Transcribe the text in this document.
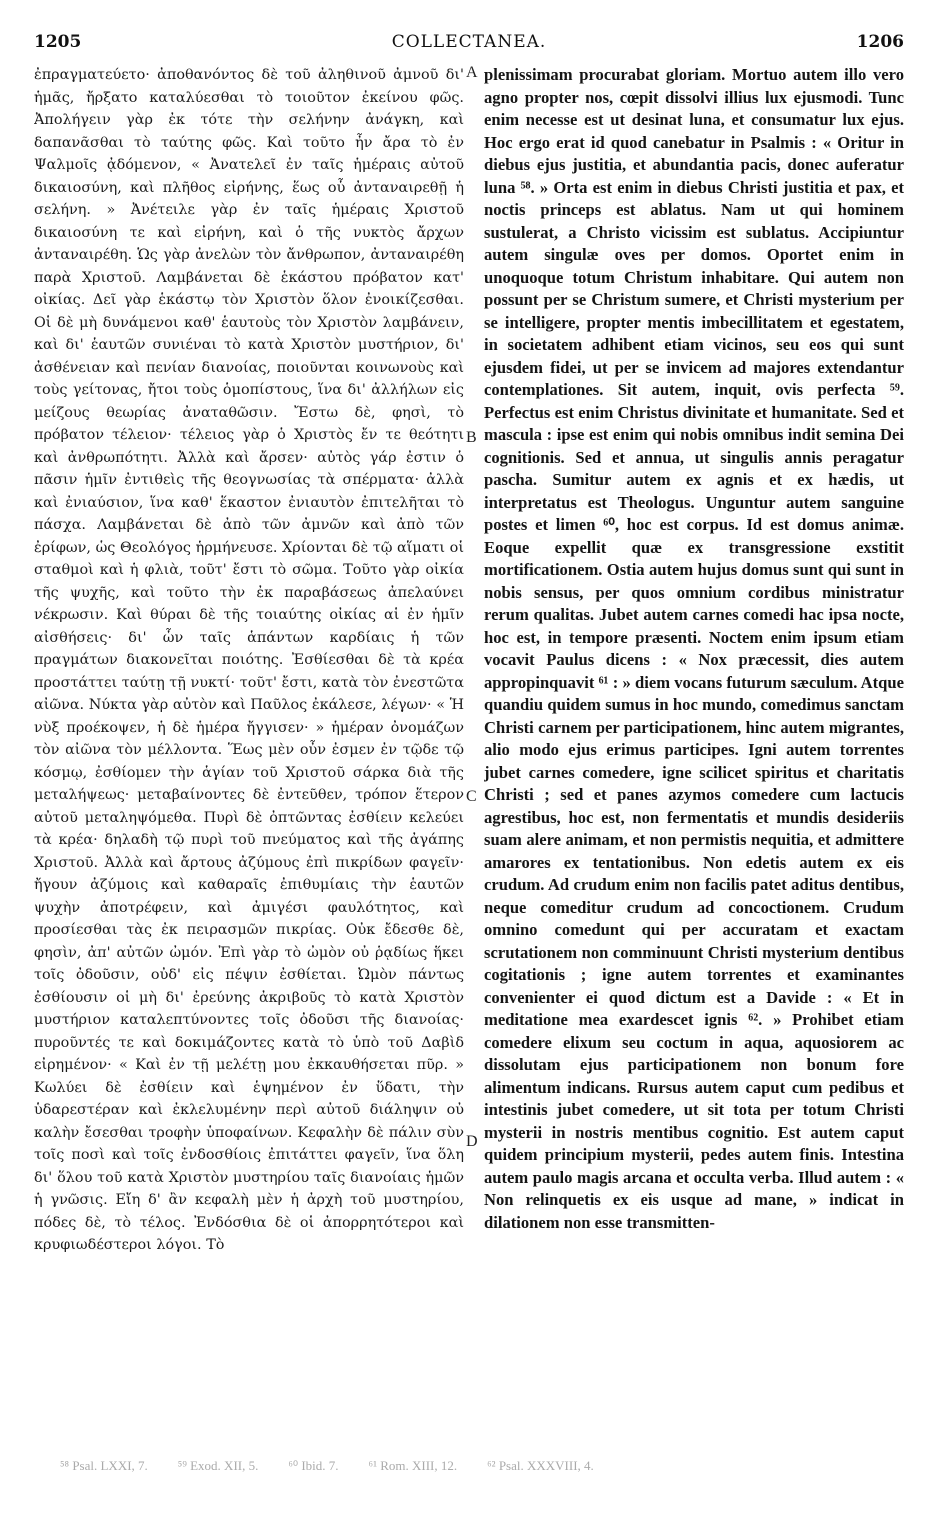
1205	COLLECTANEA.	1206

ἐπραγματεύετο· ἀποθανόντος δὲ τοῦ ἀληθινοῦ ἀμνοῦ δι' ἡμᾶς, ἤρξατο καταλύεσθαι τὸ τοιοῦτον ἐκείνου φῶς. Ἀπολήγειν γὰρ ἐκ τότε τὴν σελήνην ἀνάγκη, καὶ δαπανᾶσθαι τὸ ταύτης φῶς. Καὶ τοῦτο ἦν ἄρα τὸ ἐν Ψαλμοῖς ᾀδόμενον, « Ἀνατελεῖ ἐν ταῖς ἡμέραις αὐτοῦ δικαιοσύνη, καὶ πλῆθος εἰρήνης, ἕως οὗ ἀνταναιρεθῇ ἡ σελήνη. » Ἀνέτειλε γὰρ ἐν ταῖς ἡμέραις Χριστοῦ δικαιοσύνη τε καὶ εἰρήνη, καὶ ὁ τῆς νυκτὸς ἄρχων ἀνταναιρέθη. Ὡς γὰρ ἀνελὼν τὸν ἄνθρωπον, ἀνταναιρέθη παρὰ Χριστοῦ. Λαμβάνεται δὲ ἑκάστου πρόβατον κατ' οἰκίας. Δεῖ γὰρ ἑκάστῳ τὸν Χριστὸν ὅλον ἐνοικίζεσθαι. Οἱ δὲ μὴ δυνάμενοι καθ' ἑαυτοὺς τὸν Χριστὸν λαμβάνειν, καὶ δι' ἑαυτῶν συνιέναι τὸ κατὰ Χριστὸν μυστήριον, δι' ἀσθένειαν καὶ πενίαν διανοίας, ποιοῦνται κοινωνοὺς καὶ τοὺς γείτονας, ἤτοι τοὺς ὁμοπίστους, ἵνα δι' ἀλλήλων εἰς μείζους θεωρίας ἀναταθῶσιν. Ἔστω δὲ, φησὶ, τὸ πρόβατον τέλειον· τέλειος γὰρ ὁ Χριστὸς ἔν τε θεότητι καὶ ἀνθρωπότητι. Ἀλλὰ καὶ ἄρσεν· αὐτὸς γάρ ἐστιν ὁ πᾶσιν ἡμῖν ἐντιθεὶς τῆς θεογνωσίας τὰ σπέρματα· ἀλλὰ καὶ ἐνιαύσιον, ἵνα καθ' ἕκαστον ἐνιαυτὸν ἐπιτελῆται τὸ πάσχα. Λαμβάνεται δὲ ἀπὸ τῶν ἀμνῶν καὶ ἀπὸ τῶν ἐρίφων, ὡς Θεολόγος ἡρμήνευσε. Χρίονται δὲ τῷ αἵματι οἱ σταθμοὶ καὶ ἡ φλιὰ, τοῦτ' ἔστι τὸ σῶμα. Τοῦτο γὰρ οἰκία τῆς ψυχῆς, καὶ τοῦτο τὴν ἐκ παραβάσεως ἀπελαύνει νέκρωσιν. Καὶ θύραι δὲ τῆς τοιαύτης οἰκίας αἱ ἐν ἡμῖν αἰσθήσεις· δι' ὧν ταῖς ἁπάντων καρδίαις ἡ τῶν πραγμάτων διακονεῖται ποιότης. Ἐσθίεσθαι δὲ τὰ κρέα προστάττει ταύτῃ τῇ νυκτί· τοῦτ' ἔστι, κατὰ τὸν ἐνεστῶτα αἰῶνα. Νύκτα γὰρ αὐτὸν καὶ Παῦλος ἐκάλεσε, λέγων· « Ἡ νὺξ προέκοψεν, ἡ δὲ ἡμέρα ἤγγισεν· » ἡμέραν ὀνομάζων τὸν αἰῶνα τὸν μέλλοντα. Ἕως μὲν οὖν ἐσμεν ἐν τῷδε τῷ κόσμῳ, ἐσθίομεν τὴν ἁγίαν τοῦ Χριστοῦ σάρκα διὰ τῆς μεταλήψεως· μεταβαίνοντες δὲ ἐντεῦθεν, τρόπον ἕτερον αὐτοῦ μεταληψόμεθα. Πυρὶ δὲ ὀπτῶντας ἐσθίειν κελεύει τὰ κρέα· δηλαδὴ τῷ πυρὶ τοῦ πνεύματος καὶ τῆς ἀγάπης Χριστοῦ. Ἀλλὰ καὶ ἄρτους ἀζύμους ἐπὶ πικρίδων φαγεῖν· ἤγουν ἀζύμοις καὶ καθαραῖς ἐπιθυμίαις τὴν ἑαυτῶν ψυχὴν ἀποτρέφειν, καὶ ἀμιγέσι φαυλότητος, καὶ προσίεσθαι τὰς ἐκ πειρασμῶν πικρίας. Οὐκ ἔδεσθε δὲ, φησὶν, ἀπ' αὐτῶν ὠμόν. Ἐπὶ γὰρ τὸ ὠμὸν οὐ ῥᾳδίως ἥκει τοῖς ὀδοῦσιν, οὐδ' εἰς πέψιν ἐσθίεται. Ὠμὸν πάντως ἐσθίουσιν οἱ μὴ δι' ἐρεύνης ἀκριβοῦς τὸ κατὰ Χριστὸν μυστήριον καταλεπτύνοντες τοῖς ὀδοῦσι τῆς διανοίας· πυροῦντές τε καὶ δοκιμάζοντες κατὰ τὸ ὑπὸ τοῦ Δαβὶδ εἰρημένον· « Καὶ ἐν τῇ μελέτῃ μου ἐκκαυθήσεται πῦρ. » Κωλύει δὲ ἐσθίειν καὶ ἑψημένον ἐν ὕδατι, τὴν ὑδαρεστέραν καὶ ἐκλελυμένην περὶ αὐτοῦ διάληψιν οὐ καλὴν ἔσεσθαι τροφὴν ὑποφαίνων. Κεφαλὴν δὲ πάλιν σὺν τοῖς ποσὶ καὶ τοῖς ἐνδοσθίοις ἐπιτάττει φαγεῖν, ἵνα ὅλη δι' ὅλου τοῦ κατὰ Χριστὸν μυστηρίου ταῖς διανοίαις ἡμῶν ἡ γνῶσις. Εἴη δ' ἂν κεφαλὴ μὲν ἡ ἀρχὴ τοῦ μυστηρίου, πόδες δὲ, τὸ τέλος. Ἐνδόσθια δὲ οἱ ἀπορρητότεροι καὶ κρυφιωδέστεροι λόγοι. Τὸ

A
B
C
D

plenissimam procurabat gloriam. Mortuo autem illo vero agno propter nos, cœpit dissolvi illius lux ejusmodi. Tunc enim necesse est ut desinat luna, et consumatur lux ejus. Hoc ergo erat id quod canebatur in Psalmis : « Oritur in diebus ejus justitia, et abundantia pacis, donec auferatur luna ⁵⁸. » Orta est enim in diebus Christi justitia et pax, et noctis princeps est ablatus. Nam ut qui hominem sustulerat, a Christo vicissim est sublatus. Accipiuntur autem singulæ oves per domos. Oportet enim in unoquoque totum Christum inhabitare. Qui autem non possunt per se Christum sumere, et Christi mysterium per se intelligere, propter mentis imbecillitatem et egestatem, in societatem adhibent etiam vicinos, seu eos qui sunt ejusdem fidei, ut per se invicem ad majores extendantur contemplationes. Sit autem, inquit, ovis perfecta ⁵⁹. Perfectus est enim Christus divinitate et humanitate. Sed et mascula : ipse est enim qui nobis omnibus indit semina Dei cognitionis. Sed et annua, ut singulis annis peragatur pascha. Sumitur autem ex agnis et ex hædis, ut interpretatus est Theologus. Unguntur autem sanguine postes et limen ⁶⁰, hoc est corpus. Id est domus animæ. Eoque expellit quæ ex transgressione exstitit mortificationem. Ostia autem hujus domus sunt qui sunt in nobis sensus, per quos omnium cordibus ministratur rerum qualitas. Jubet autem carnes comedi hac ipsa nocte, hoc est, in tempore præsenti. Noctem enim ipsum etiam vocavit Paulus dicens : « Nox præcessit, dies autem appropinquavit ⁶¹ : » diem vocans futurum sæculum. Atque quandiu quidem sumus in hoc mundo, comedimus sanctam Christi carnem per participationem, hinc autem migrantes, alio modo ejus erimus participes. Igni autem torrentes jubet carnes comedere, igne scilicet spiritus et charitatis Christi ; sed et panes azymos comedere cum lactucis agrestibus, hoc est, non fermentatis et mundis desideriis suam alere animam, et non permistis nequitia, et admittere amarores ex tentationibus. Non edetis autem ex eis crudum. Ad crudum enim non facilis patet aditus dentibus, neque comeditur crudum ad concoctionem. Crudum omnino comedunt qui per accuratam et exactam scrutationem non comminuunt Christi mysterium dentibus cogitationis ; igne autem torrentes et examinantes convenienter ei quod dictum est a Davide : « Et in meditatione mea exardescet ignis ⁶². » Prohibet etiam comedere elixum seu coctum in aqua, aquosiorem ac dissolutam ejus participationem non bonum fore alimentum indicans. Rursus autem caput cum pedibus et intestinis jubet comedere, ut sit tota per totum Christi mysterii in nostris mentibus cognitio. Est autem caput quidem principium mysterii, pedes autem finis. Intestina autem paulo magis arcana et occulta verba. Illud autem : « Non relinquetis ex eis usque ad mane, » indicat in dilationem non esse transmitten-

⁵⁸ Psal. LXXI, 7. ⁵⁹ Exod. XII, 5. ⁶⁰ Ibid. 7. ⁶¹ Rom. XIII, 12. ⁶² Psal. XXXVIII, 4.
